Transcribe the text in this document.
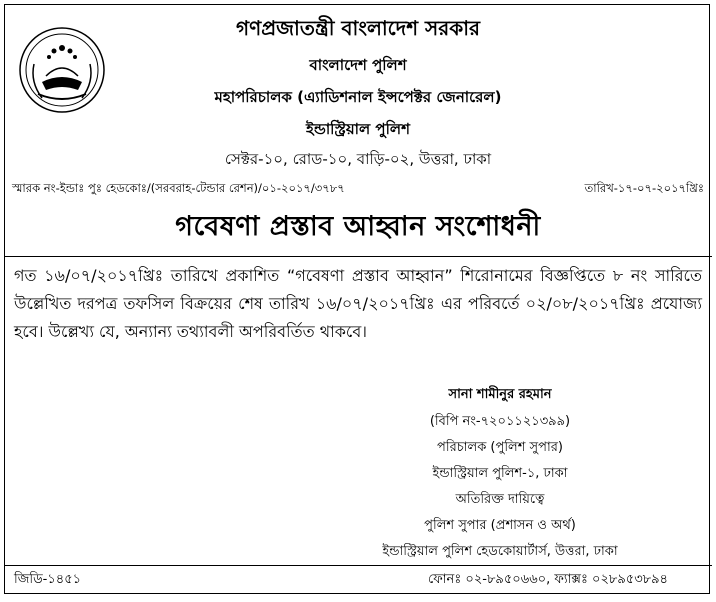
গণপ্রজাতন্ত্রী বাংলাদেশ সরকার
বাংলাদেশ পুলিশ
মহাপরিচালক (এ্যাডিশনাল ইন্সপেক্টর জেনারেল)
ইন্ডাস্ট্রিয়াল পুলিশ
সেক্টর-১০, রোড-১০, বাড়ি-০২, উত্তরা, ঢাকা
স্মারক নং-ইন্ডাঃ পুঃ হেডকোঃ/(সরবরাহ-টেন্ডার রেশন)/০১-২০১৭/৩৭৮৭	তারিখ-১৭-০৭-২০১৭খ্রিঃ
গবেষণা প্রস্তাব আহ্বান সংশোধনী
গত ১৬/০৭/২০১৭খ্রিঃ তারিখে প্রকাশিত “গবেষণা প্রস্তাব আহ্বান” শিরোনামের বিজ্ঞপ্তিতে ৮ নং সারিতে উল্লেখিত দরপত্র তফসিল বিক্রয়ের শেষ তারিখ ১৬/০৭/২০১৭খ্রিঃ এর পরিবর্তে ০২/০৮/২০১৭খ্রিঃ প্রযোজ্য হবে। উল্লেখ্য যে, অন্যান্য তথ্যাবলী অপরিবর্তিত থাকবে।
সানা শামীনুর রহমান
(বিপি নং-৭২০১১২১৩৯৯)
পরিচালক (পুলিশ সুপার)
ইন্ডাস্ট্রিয়াল পুলিশ-১, ঢাকা
অতিরিক্ত দায়িত্বে
পুলিশ সুপার (প্রশাসন ও অর্থ)
ইন্ডাস্ট্রিয়াল পুলিশ হেডকোয়ার্টার্স, উত্তরা, ঢাকা
জিডি-১৪৫১	ফোনঃ ০২-৮৯৫০৬৬০, ফ্যাক্সঃ ০২৮৯৫৩৮৯৪
